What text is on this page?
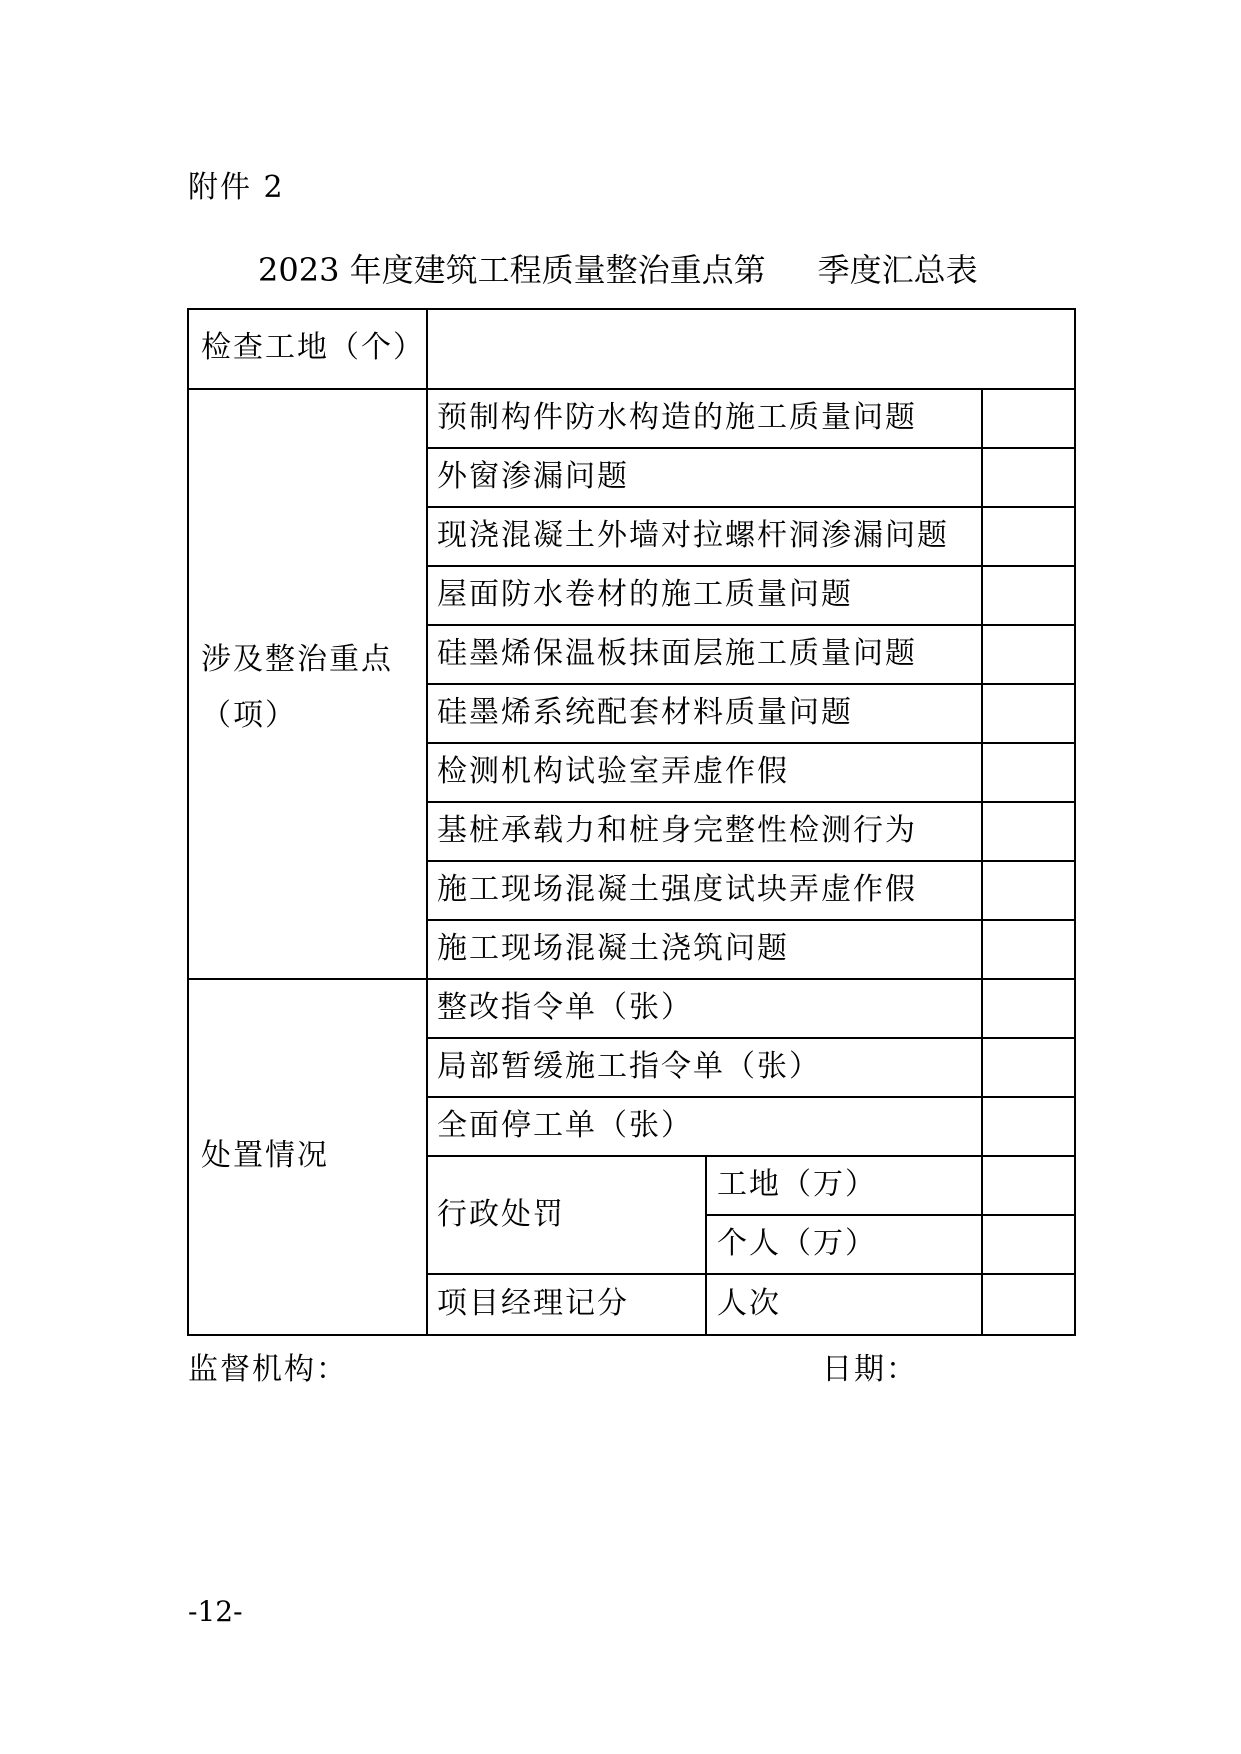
附件 2
2023 年度建筑工程质量整治重点第 季度汇总表
检查工地（个）
涉及整治重点
（项）
预制构件防水构造的施工质量问题
外窗渗漏问题
现浇混凝土外墙对拉螺杆洞渗漏问题
屋面防水卷材的施工质量问题
硅墨烯保温板抹面层施工质量问题
硅墨烯系统配套材料质量问题
检测机构试验室弄虚作假
基桩承载力和桩身完整性检测行为
施工现场混凝土强度试块弄虚作假
施工现场混凝土浇筑问题
处置情况
整改指令单（张）
局部暂缓施工指令单（张）
全面停工单（张）
行政处罚
工地（万）
个人（万）
项目经理记分	人次
监督机构：	日期：
-12-
